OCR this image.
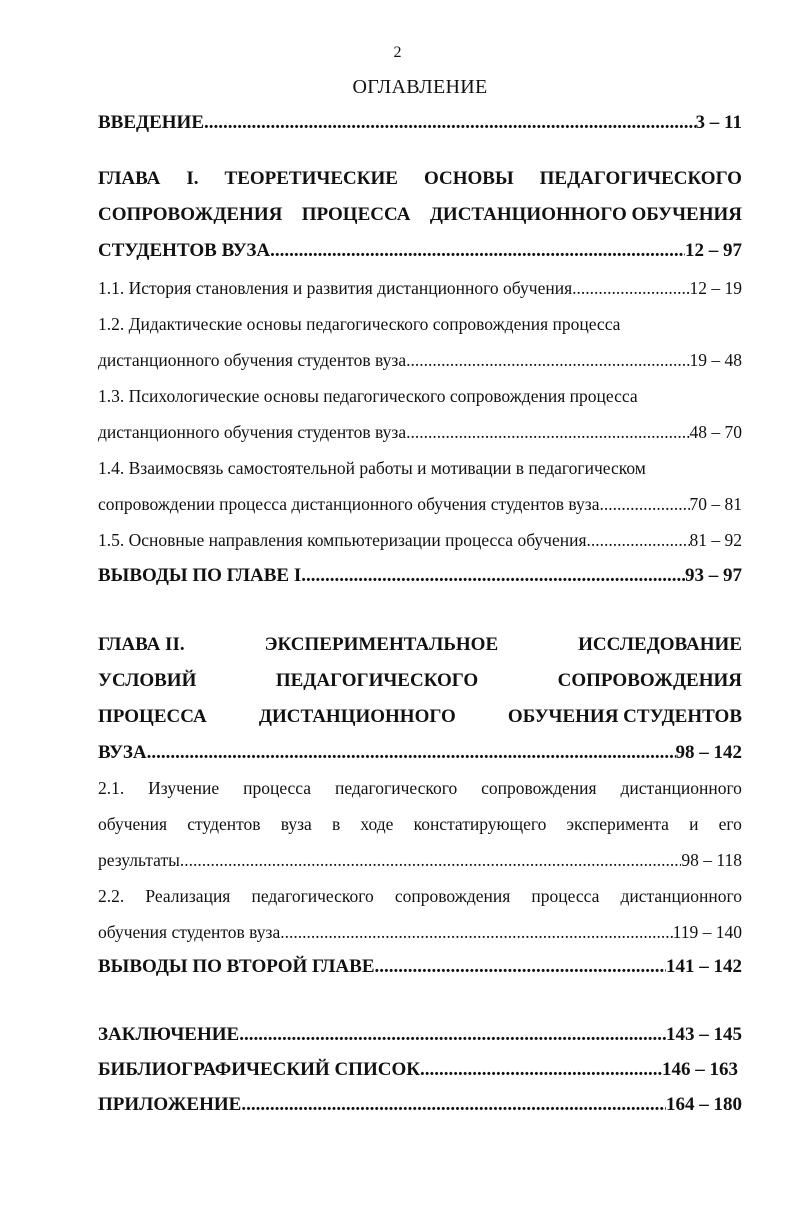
2
ОГЛАВЛЕНИЕ
ВВЕДЕНИЕ .....	3 – 11
ГЛАВА I. ТЕОРЕТИЧЕСКИЕ ОСНОВЫ ПЕДАГОГИЧЕСКОГО
СОПРОВОЖДЕНИЯ ПРОЦЕССА ДИСТАНЦИОННОГО ОБУЧЕНИЯ
СТУДЕНТОВ ВУЗА .....	12 – 97
1.1. История становления и развития дистанционного обучения .....	12 – 19
1.2. Дидактические основы педагогического сопровождения процесса
дистанционного обучения студентов вуза .....	19 – 48
1.3. Психологические основы педагогического сопровождения процесса
дистанционного обучения студентов вуза .....	48 – 70
1.4. Взаимосвязь самостоятельной работы и мотивации в педагогическом
сопровождении процесса дистанционного обучения студентов вуза .....	70 – 81
1.5. Основные направления компьютеризации процесса обучения .....	81 – 92
ВЫВОДЫ ПО ГЛАВЕ I .....	93 – 97
ГЛАВА II.	ЭКСПЕРИМЕНТАЛЬНОЕ	ИССЛЕДОВАНИЕ
УСЛОВИЙ	ПЕДАГОГИЧЕСКОГО	СОПРОВОЖДЕНИЯ
ПРОЦЕССА	ДИСТАНЦИОННОГО	ОБУЧЕНИЯ СТУДЕНТОВ
ВУЗА .....	98 – 142
2.1. Изучение процесса педагогического сопровождения дистанционного
обучения студентов вуза в ходе констатирующего эксперимента и его
результаты .....	98 – 118
2.2. Реализация педагогического сопровождения процесса дистанционного
обучения студентов вуза .....	119 – 140
ВЫВОДЫ ПО ВТОРОЙ ГЛАВЕ .....	141 – 142
ЗАКЛЮЧЕНИЕ .....	143 – 145
БИБЛИОГРАФИЧЕСКИЙ СПИСОК .....	146 – 163
ПРИЛОЖЕНИЕ .....	164 – 180
